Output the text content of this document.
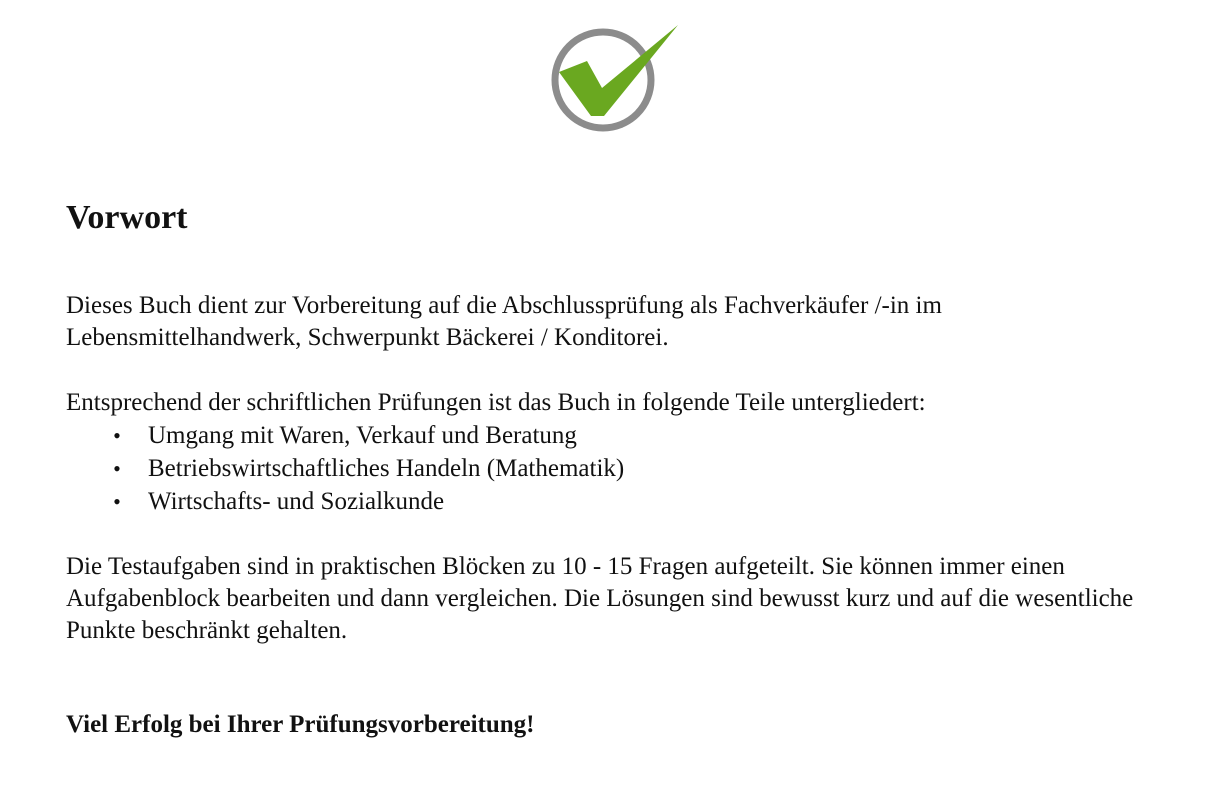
Vorwort

Dieses Buch dient zur Vorbereitung auf die Abschlussprüfung als Fachverkäufer /-in im Lebensmittelhandwerk, Schwerpunkt Bäckerei / Konditorei.

Entsprechend der schriftlichen Prüfungen ist das Buch in folgende Teile untergliedert:

• Umgang mit Waren, Verkauf und Beratung
• Betriebswirtschaftliches Handeln (Mathematik)
• Wirtschafts- und Sozialkunde

Die Testaufgaben sind in praktischen Blöcken zu 10 - 15 Fragen aufgeteilt. Sie können immer einen Aufgabenblock bearbeiten und dann vergleichen. Die Lösungen sind bewusst kurz und auf die wesentliche Punkte beschränkt gehalten.

Viel Erfolg bei Ihrer Prüfungsvorbereitung!
